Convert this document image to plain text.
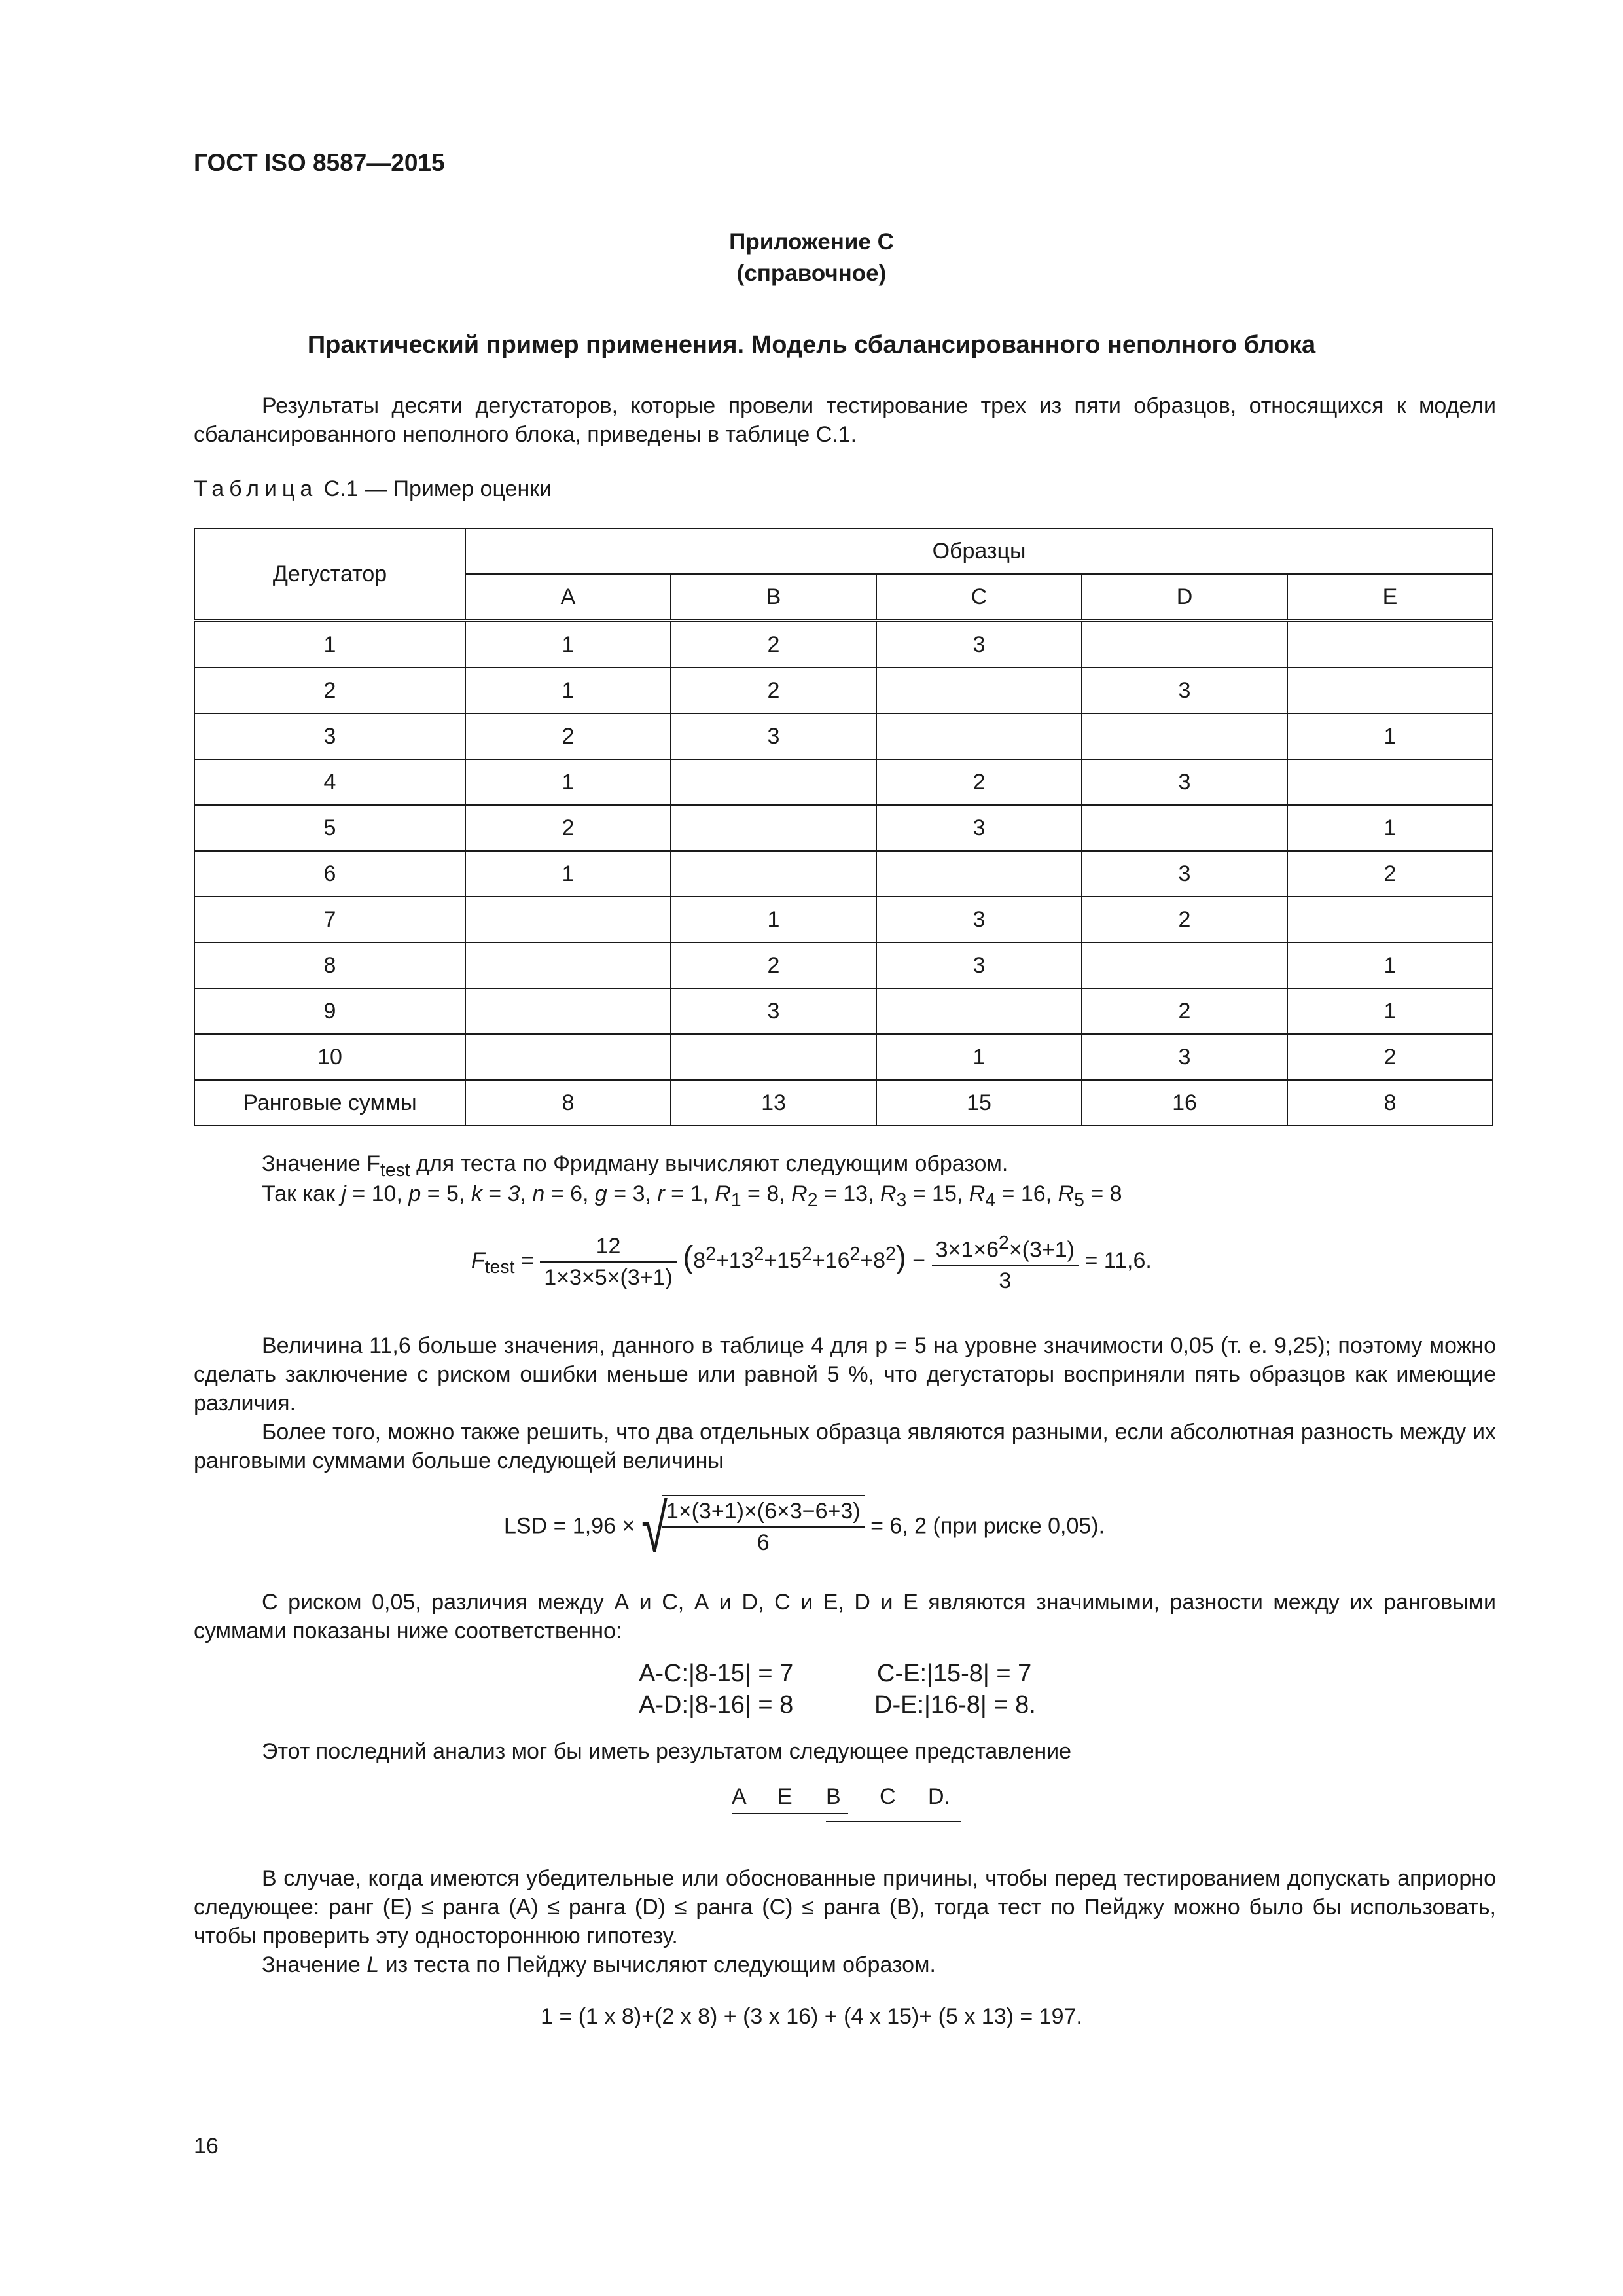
ГОСТ ISO 8587—2015
Приложение С
(справочное)
Практический пример применения. Модель сбалансированного неполного блока
Результаты десяти дегустаторов, которые провели тестирование трех из пяти образцов, относящихся к модели сбалансированного неполного блока, приведены в таблице С.1.
Таблица С.1 — Пример оценки
Дегустатор	Образцы				
	A	B	C	D	E
1	1	2	3		
2	1	2		3	
3	2	3			1
4	1		2	3	
5	2		3		1
6	1			3	2
7		1	3	2	
8		2	3		1
9		3		2	1
10			1	3	2
Ранговые суммы	8	13	15	16	8
Значение $F_{test}$ для теста по Фридману вычисляют следующим образом.
Так как j = 10, p = 5, k = 3, n = 6, g = 3, r = 1, $R_1 = 8$, $R_2 = 13$, $R_3 = 15$, $R_4 = 16$, $R_5 = 8$
$F_{test} = \frac{12}{1\times 3\times 5\times(3+1)} (8^2+13^2+15^2+16^2+8^2) - \frac{3\times 1\times 6^2\times(3+1)}{3} = 11,6$.
Величина 11,6 больше значения, данного в таблице 4 для p = 5 на уровне значимости 0,05 (т. е. 9,25); поэтому можно сделать заключение с риском ошибки меньше или равной 5 %, что дегустаторы восприняли пять образцов как имеющие различия.
Более того, можно также решить, что два отдельных образца являются разными, если абсолютная разность между их ранговыми суммами больше следующей величины
LSD = 1,96 × √
$\frac{1\times(3+1)\times(6\times 3-6+3)}{6} = 6$, 2 (при риске 0,05).
С риском 0,05, различия между А и С, А и D, С и Е, D и Е являются значимыми, разности между их ранговыми суммами показаны ниже соответственно:
A-C:|8-15| = 7	C-E:|15-8| = 7
A-D:|8-16| = 8	D-E:|16-8| = 8.
Этот последний анализ мог бы иметь результатом следующее представление
A	E	B	C	D.
В случае, когда имеются убедительные или обоснованные причины, чтобы перед тестированием допускать априорно следующее: ранг (Е) ≤ ранга (А) ≤ ранга (D) ≤ ранга (С) ≤ ранга (В), тогда тест по Пейджу можно было бы использовать, чтобы проверить эту одностороннюю гипотезу.
Значение L из теста по Пейджу вычисляют следующим образом.
1 = (1 x 8)+(2 x 8) + (3 x 16) + (4 x 15)+ (5 x 13) = 197.
16
